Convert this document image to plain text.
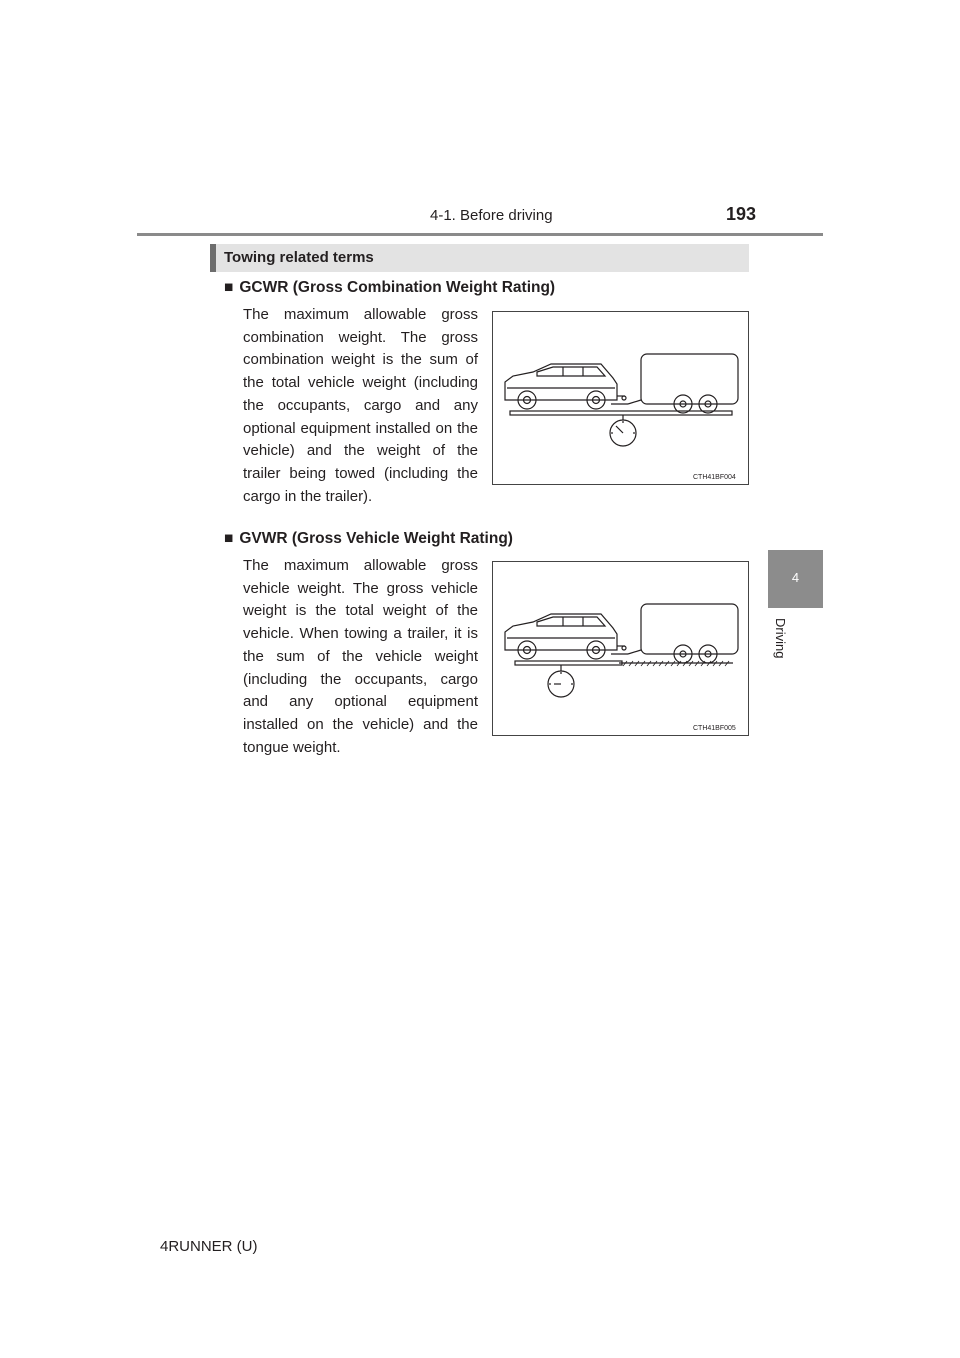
4-1. Before driving	193
4
Driving
Towing related terms
■ GCWR (Gross Combination Weight Rating)
The maximum allowable gross combination weight. The gross combination weight is the sum of the total vehicle weight (including the occupants, cargo and any optional equipment installed on the vehicle) and the weight of the trailer being towed (including the cargo in the trailer).
CTH41BF004
■ GVWR (Gross Vehicle Weight Rating)
The maximum allowable gross vehicle weight. The gross vehicle weight is the total weight of the vehicle. When towing a trailer, it is the sum of the vehicle weight (including the occupants, cargo and any optional equipment installed on the vehicle) and the tongue weight.
CTH41BF005
4RUNNER (U)
